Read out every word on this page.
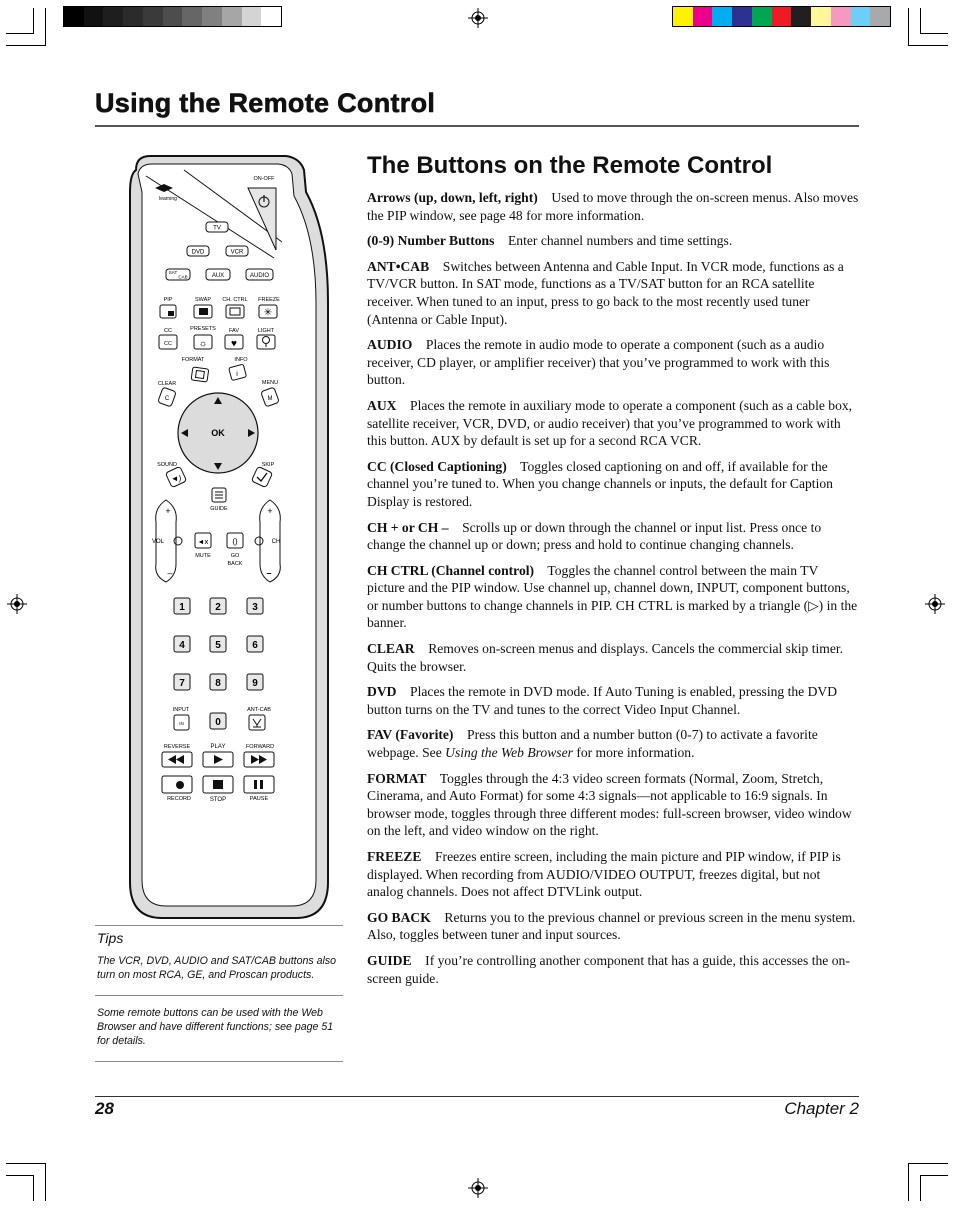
Using the Remote Control
ON-OFF
learning
TV
DVD	VCR
SAT
CAB	AUX	AUDIO
PIP	SWAP CH. CTRL FREEZE
✳
PRESETS
CC	FAV	LIGHT
CC	☼ ♥
FORMAT	INFO
i
CLEAR	MENU
C	M
OK
SOUND	SKIP
◄)
GUIDE
+
–
VOL
+
–
CH
◄ⅹ
MUTE
()
GO
BACK
1	2	3
4	5	6
7	8	9
0
INPUT	ANT-CAB
IN
REVERSE	PLAY	FORWARD
RECORD	STOP	PAUSE
Tips
The VCR, DVD, AUDIO and SAT/CAB buttons also turn on most RCA, GE, and Proscan products.
Some remote buttons can be used with the Web Browser and have different functions; see page 51 for details.
The Buttons on the Remote Control

Arrows (up, down, left, right) Used to move through the on-screen menus. Also moves the PIP window, see page 48 for more information.

(0-9) Number Buttons Enter channel numbers and time settings.

ANT•CAB Switches between Antenna and Cable Input. In VCR mode, functions as a TV/VCR button. In SAT mode, functions as a TV/SAT button for an RCA satellite receiver. When tuned to an input, press to go back to the most recently used tuner (Antenna or Cable Input).

AUDIO Places the remote in audio mode to operate a component (such as a audio receiver, CD player, or amplifier receiver) that you’ve programmed to work with this button.

AUX Places the remote in auxiliary mode to operate a component (such as a cable box, satellite receiver, VCR, DVD, or audio receiver) that you’ve programmed to work with this button. AUX by default is set up for a second RCA VCR.

CC (Closed Captioning) Toggles closed captioning on and off, if available for the channel you’re tuned to. When you change channels or inputs, the default for Caption Display is restored.

CH + or CH – Scrolls up or down through the channel or input list. Press once to change the channel up or down; press and hold to continue changing channels.

CH CTRL (Channel control) Toggles the channel control between the main TV picture and the PIP window. Use channel up, channel down, INPUT, component buttons, or number buttons to change channels in PIP. CH CTRL is marked by a triangle (▷) in the banner.

CLEAR Removes on-screen menus and displays. Cancels the commercial skip timer. Quits the browser.

DVD Places the remote in DVD mode. If Auto Tuning is enabled, pressing the DVD button turns on the TV and tunes to the correct Video Input Channel.

FAV (Favorite) Press this button and a number button (0-7) to activate a favorite webpage. See Using the Web Browser for more information.

FORMAT Toggles through the 4:3 video screen formats (Normal, Zoom, Stretch, Cinerama, and Auto Format) for some 4:3 signals—not applicable to 16:9 signals. In browser mode, toggles through three different modes: full-screen browser, video window on the left, and video window on the right.

FREEZE Freezes entire screen, including the main picture and PIP window, if PIP is displayed. When recording from AUDIO/VIDEO OUTPUT, freezes digital, but not analog channels. Does not affect DTVLink output.

GO BACK Returns you to the previous channel or previous screen in the menu system. Also, toggles between tuner and input sources.

GUIDE If you’re controlling another component that has a guide, this accesses the on-screen guide.

28	Chapter 2
